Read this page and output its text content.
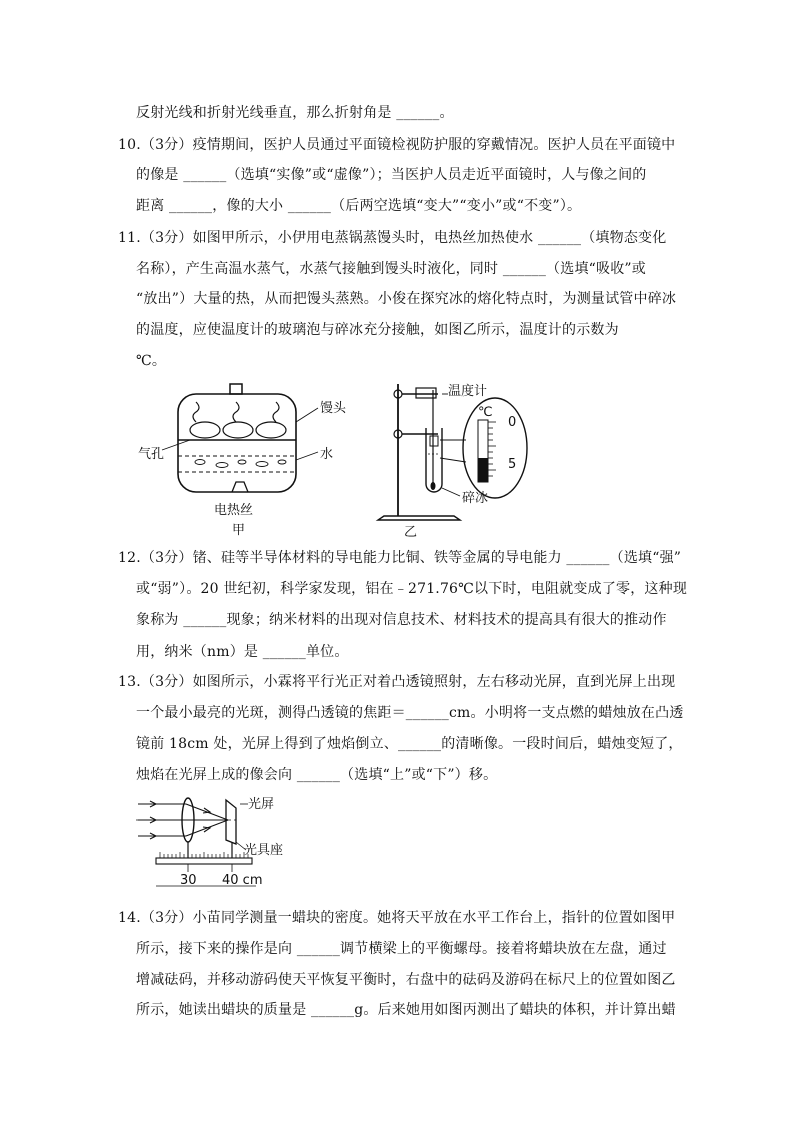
反射光线和折射光线垂直，那么折射角是 ______。
10.（3分）疫情期间，医护人员通过平面镜检视防护服的穿戴情况。医护人员在平面镜中
的像是 ______（选填“实像”或“虚像”）；当医护人员走近平面镜时，人与像之间的
距离 ______，像的大小 ______（后两空选填“变大”“变小”或“不变”）。
11.（3分）如图甲所示，小伊用电蒸锅蒸馒头时，电热丝加热使水 ______（填物态变化
名称），产生高温水蒸气，水蒸气接触到馒头时液化，同时 ______（选填“吸收”或
“放出”）大量的热，从而把馒头蒸熟。小俊在探究冰的熔化特点时，为测量试管中碎冰
的温度，应使温度计的玻璃泡与碎冰充分接触，如图乙所示，温度计的示数为
℃。
馒头
气孔	水
电热丝
甲
温度计
℃
0
5
碎冰
乙
12.（3分）锗、硅等半导体材料的导电能力比铜、铁等金属的导电能力 ______（选填“强”
或“弱”）。20 世纪初，科学家发现，铝在﹣271.76℃以下时，电阻就变成了零，这种现
象称为 ______现象；纳米材料的出现对信息技术、材料技术的提高具有很大的推动作
用，纳米（nm）是 ______单位。
13.（3分）如图所示，小霖将平行光正对着凸透镜照射，左右移动光屏，直到光屏上出现
一个最小最亮的光斑，测得凸透镜的焦距＝______cm。小明将一支点燃的蜡烛放在凸透
镜前 18cm 处，光屏上得到了烛焰倒立、______的清晰像。一段时间后，蜡烛变短了，
烛焰在光屏上成的像会向 ______（选填“上”或“下”）移。
光屏
光具座
30 40 cm
14.（3分）小苗同学测量一蜡块的密度。她将天平放在水平工作台上，指针的位置如图甲
所示，接下来的操作是向 ______调节横梁上的平衡螺母。接着将蜡块放在左盘，通过
增减砝码，并移动游码使天平恢复平衡时，右盘中的砝码及游码在标尺上的位置如图乙
所示，她读出蜡块的质量是 ______g。后来她用如图丙测出了蜡块的体积，并计算出蜡
